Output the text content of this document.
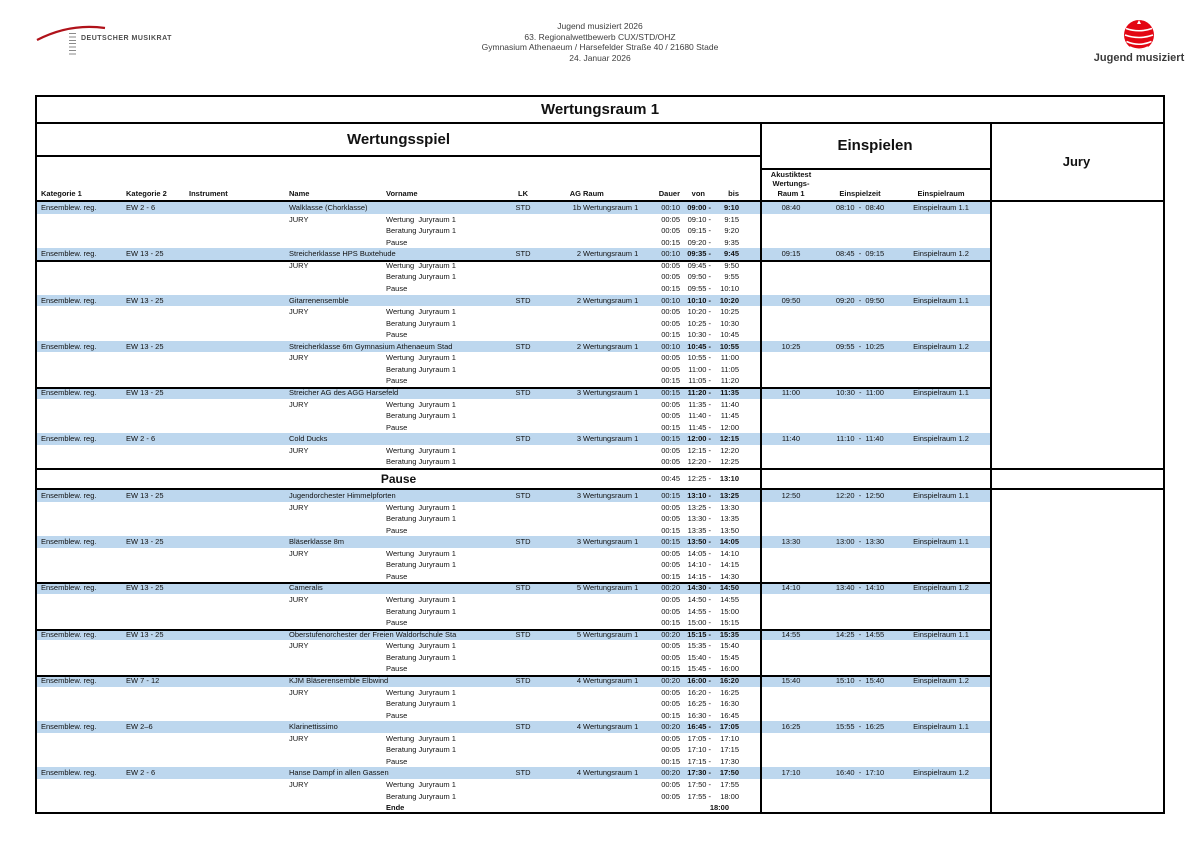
DEUTSCHER MUSIKRAT
Jugend musiziert 2026
63. Regionalwettbewerb CUX/STD/OHZ
Gymnasium Athenaeum / Harsefelder Straße 40 / 21680 Stade
24. Januar 2026	Jugend musiziert
Wertungsraum 1
Wertungsspiel	Einspielen
Jury
Kategorie 1	Kategorie 2	Instrument	Name	Vorname	LK	AG Raum	Dauer	von	bis
Akustiktest
Wertungs-
Raum 1	Einspielzeit	Einspielraum
Ensemblew. reg.	EW 2 - 6	Walklasse (Chorklasse)	STD	1b Wertungsraum 1	00:10 09:00 -	9:10	08:40	08:10  -  08:40	Einspielraum 1.1
JURY	Wertung  Juryraum 1	00:05	09:10 -	9:15
Beratung Juryraum 1	00:05	09:15 -	9:20
Pause	00:15	09:20 -	9:35
Ensemblew. reg.	EW 13 - 25	Streicherklasse HPS Buxtehude	STD	2 Wertungsraum 1	00:10 09:35 -	9:45	09:15	08:45  -  09:15	Einspielraum 1.2
JURY	Wertung  Juryraum 1	00:05	09:45 -	9:50
Beratung Juryraum 1	00:05	09:50 -	9:55
Pause	00:15	09:55 -	10:10
Ensemblew. reg.	EW 13 - 25	Gitarrenensemble	STD	2 Wertungsraum 1	00:10 10:10 -	10:20	09:50	09:20  -  09:50	Einspielraum 1.1
JURY	Wertung  Juryraum 1	00:05	10:20 -	10:25
Beratung Juryraum 1	00:05	10:25 -	10:30
Pause	00:15	10:30 -	10:45
Ensemblew. reg.	EW 13 - 25	Streicherklasse 6m Gymnasium Athenaeum Stad	STD	2 Wertungsraum 1	00:10 10:45 -	10:55	10:25	09:55  -  10:25	Einspielraum 1.2
JURY	Wertung  Juryraum 1	00:05	10:55 -	11:00
Beratung Juryraum 1	00:05	11:00 -	11:05
Pause	00:15	11:05 -	11:20
Ensemblew. reg.	EW 13 - 25	Streicher AG des AGG Harsefeld	STD	3 Wertungsraum 1	00:15	11:20 -	11:35	11:00	10:30  -  11:00	Einspielraum 1.1
JURY	Wertung  Juryraum 1	00:05	11:35 -	11:40
Beratung Juryraum 1	00:05	11:40 -	11:45
Pause	00:15	11:45 -	12:00
Ensemblew. reg.	EW 2 - 6	Cold Ducks	STD	3 Wertungsraum 1	00:15 12:00 -	12:15	11:40	11:10  -  11:40	Einspielraum 1.2
JURY	Wertung  Juryraum 1	00:05	12:15 -	12:20
Beratung Juryraum 1	00:05	12:20 -	12:25
Pause	00:45	12:25 -	13:10
Ensemblew. reg.	EW 13 - 25	Jugendorchester Himmelpforten	STD	3 Wertungsraum 1	00:15 13:10 -	13:25	12:50	12:20  -  12:50	Einspielraum 1.1
JURY	Wertung  Juryraum 1	00:05	13:25 -	13:30
Beratung Juryraum 1	00:05	13:30 -	13:35
Pause	00:15	13:35 -	13:50
Ensemblew. reg.	EW 13 - 25	Bläserklasse 8m	STD	3 Wertungsraum 1	00:15 13:50 -	14:05	13:30	13:00  -  13:30	Einspielraum 1.1
JURY	Wertung  Juryraum 1	00:05	14:05 -	14:10
Beratung Juryraum 1	00:05	14:10 -	14:15
Pause	00:15	14:15 -	14:30
Ensemblew. reg.	EW 13 - 25	Cameralis	STD	5 Wertungsraum 1	00:20 14:30 -	14:50	14:10	13:40  -  14:10	Einspielraum 1.2
JURY	Wertung  Juryraum 1	00:05	14:50 -	14:55
Beratung Juryraum 1	00:05	14:55 -	15:00
Pause	00:15	15:00 -	15:15
Ensemblew. reg.	EW 13 - 25	Oberstufenorchester der Freien Waldorfschule Sta	STD	5 Wertungsraum 1	00:20 15:15 -	15:35	14:55	14:25  -  14:55	Einspielraum 1.1
JURY	Wertung  Juryraum 1	00:05	15:35 -	15:40
Beratung Juryraum 1	00:05	15:40 -	15:45
Pause	00:15	15:45 -	16:00
Ensemblew. reg.	EW 7 - 12	KJM Bläserensemble Elbwind	STD	4 Wertungsraum 1	00:20 16:00 -	16:20	15:40	15:10  -  15:40	Einspielraum 1.2
JURY	Wertung  Juryraum 1	00:05	16:20 -	16:25
Beratung Juryraum 1	00:05	16:25 -	16:30
Pause	00:15	16:30 -	16:45
Ensemblew. reg.	EW 2–6	Klarinettissimo	STD	4 Wertungsraum 1	00:20 16:45 -	17:05	16:25	15:55  -  16:25	Einspielraum 1.1
JURY	Wertung  Juryraum 1	00:05	17:05 -	17:10
Beratung Juryraum 1	00:05	17:10 -	17:15
Pause	00:15	17:15 -	17:30
Ensemblew. reg.	EW 2 - 6	Hanse Dampf in allen Gassen	STD	4 Wertungsraum 1	00:20 17:30 -	17:50	17:10	16:40  -  17:10	Einspielraum 1.2
JURY	Wertung  Juryraum 1	00:05	17:50 -	17:55
Beratung Juryraum 1	00:05	17:55 -	18:00
Ende	18:00
